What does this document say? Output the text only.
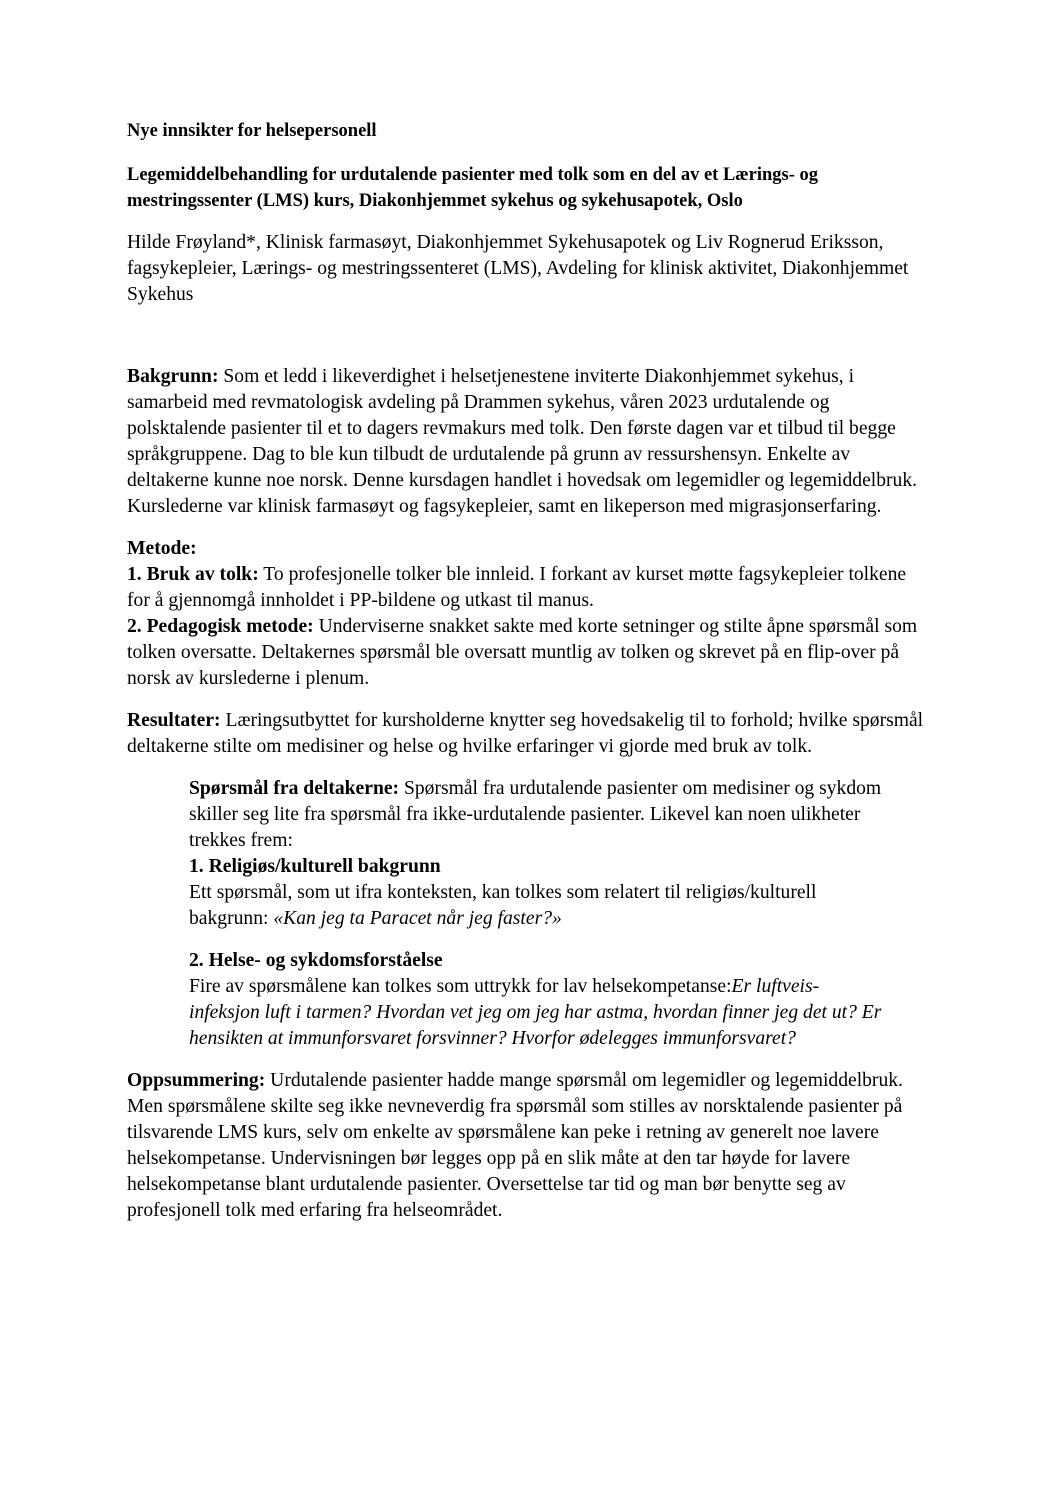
Nye innsikter for helsepersonell

Legemiddelbehandling for urdutalende pasienter med tolk som en del av et Lærings- og mestringssenter (LMS) kurs, Diakonhjemmet sykehus og sykehusapotek, Oslo

Hilde Frøyland*, Klinisk farmasøyt, Diakonhjemmet Sykehusapotek og Liv Rognerud Eriksson, fagsykepleier, Lærings- og mestringssenteret (LMS), Avdeling for klinisk aktivitet, Diakonhjemmet Sykehus

Bakgrunn: Som et ledd i likeverdighet i helsetjenestene inviterte Diakonhjemmet sykehus, i samarbeid med revmatologisk avdeling på Drammen sykehus, våren 2023 urdutalende og polsktalende pasienter til et to dagers revmakurs med tolk. Den første dagen var et tilbud til begge språkgruppene. Dag to ble kun tilbudt de urdutalende på grunn av ressurshensyn. Enkelte av deltakerne kunne noe norsk. Denne kursdagen handlet i hovedsak om legemidler og legemiddelbruk. Kurslederne var klinisk farmasøyt og fagsykepleier, samt en likeperson med migrasjonserfaring.

Metode:

1. Bruk av tolk: To profesjonelle tolker ble innleid. I forkant av kurset møtte fagsykepleier tolkene for å gjennomgå innholdet i PP-bildene og utkast til manus.

2. Pedagogisk metode: Underviserne snakket sakte med korte setninger og stilte åpne spørsmål som tolken oversatte. Deltakernes spørsmål ble oversatt muntlig av tolken og skrevet på en flip-over på norsk av kurslederne i plenum.

Resultater: Læringsutbyttet for kursholderne knytter seg hovedsakelig til to forhold; hvilke spørsmål deltakerne stilte om medisiner og helse og hvilke erfaringer vi gjorde med bruk av tolk.

Spørsmål fra deltakerne: Spørsmål fra urdutalende pasienter om medisiner og sykdom skiller seg lite fra spørsmål fra ikke-urdutalende pasienter. Likevel kan noen ulikheter trekkes frem:

1. Religiøs/kulturell bakgrunn

Ett spørsmål, som ut ifra konteksten, kan tolkes som relatert til religiøs/kulturell bakgrunn: «Kan jeg ta Paracet når jeg faster?»

2. Helse- og sykdomsforståelse

Fire av spørsmålene kan tolkes som uttrykk for lav helsekompetanse:Er luftveis-infeksjon luft i tarmen? Hvordan vet jeg om jeg har astma, hvordan finner jeg det ut? Er hensikten at immunforsvaret forsvinner? Hvorfor ødelegges immunforsvaret?

Oppsummering: Urdutalende pasienter hadde mange spørsmål om legemidler og legemiddelbruk. Men spørsmålene skilte seg ikke nevneverdig fra spørsmål som stilles av norsktalende pasienter på tilsvarende LMS kurs, selv om enkelte av spørsmålene kan peke i retning av generelt noe lavere helsekompetanse. Undervisningen bør legges opp på en slik måte at den tar høyde for lavere helsekompetanse blant urdutalende pasienter. Oversettelse tar tid og man bør benytte seg av profesjonell tolk med erfaring fra helseområdet.
